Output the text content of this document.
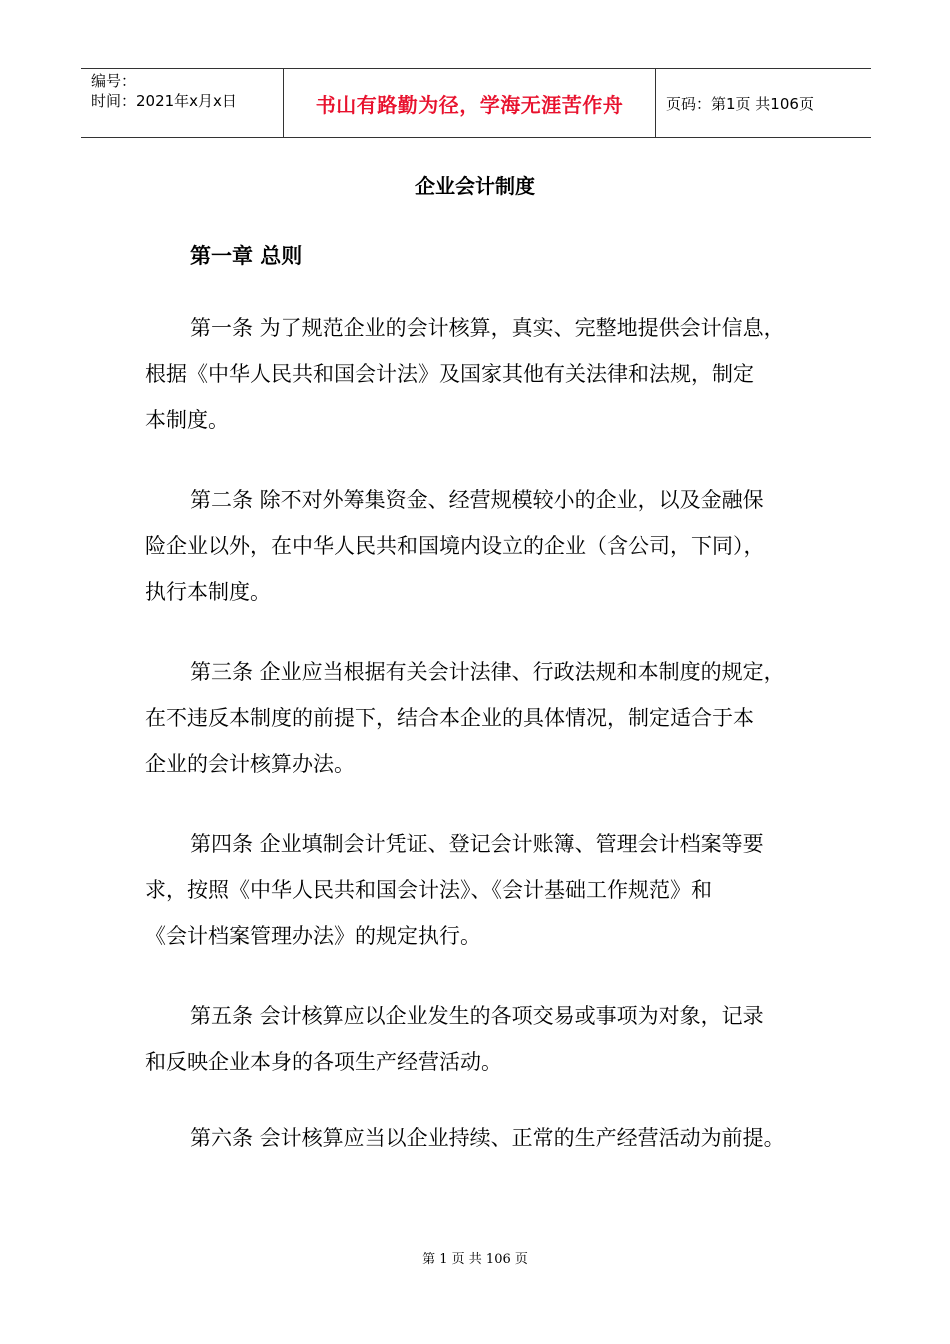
编号：
时间：2021年x月x日	书山有路勤为径，学海无涯苦作舟	页码：第1页 共106页
企业会计制度
第一章 总则
第一条 为了规范企业的会计核算，真实、完整地提供会计信息，
根据《中华人民共和国会计法》及国家其他有关法律和法规，制定
本制度。
第二条 除不对外筹集资金、经营规模较小的企业，以及金融保
险企业以外，在中华人民共和国境内设立的企业（含公司，下同），
执行本制度。
第三条 企业应当根据有关会计法律、行政法规和本制度的规定，
在不违反本制度的前提下，结合本企业的具体情况，制定适合于本
企业的会计核算办法。
第四条 企业填制会计凭证、登记会计账簿、管理会计档案等要
求，按照《中华人民共和国会计法》、《会计基础工作规范》和
《会计档案管理办法》的规定执行。
第五条 会计核算应以企业发生的各项交易或事项为对象，记录
和反映企业本身的各项生产经营活动。
第六条 会计核算应当以企业持续、正常的生产经营活动为前提。
第 1 页 共 106 页
